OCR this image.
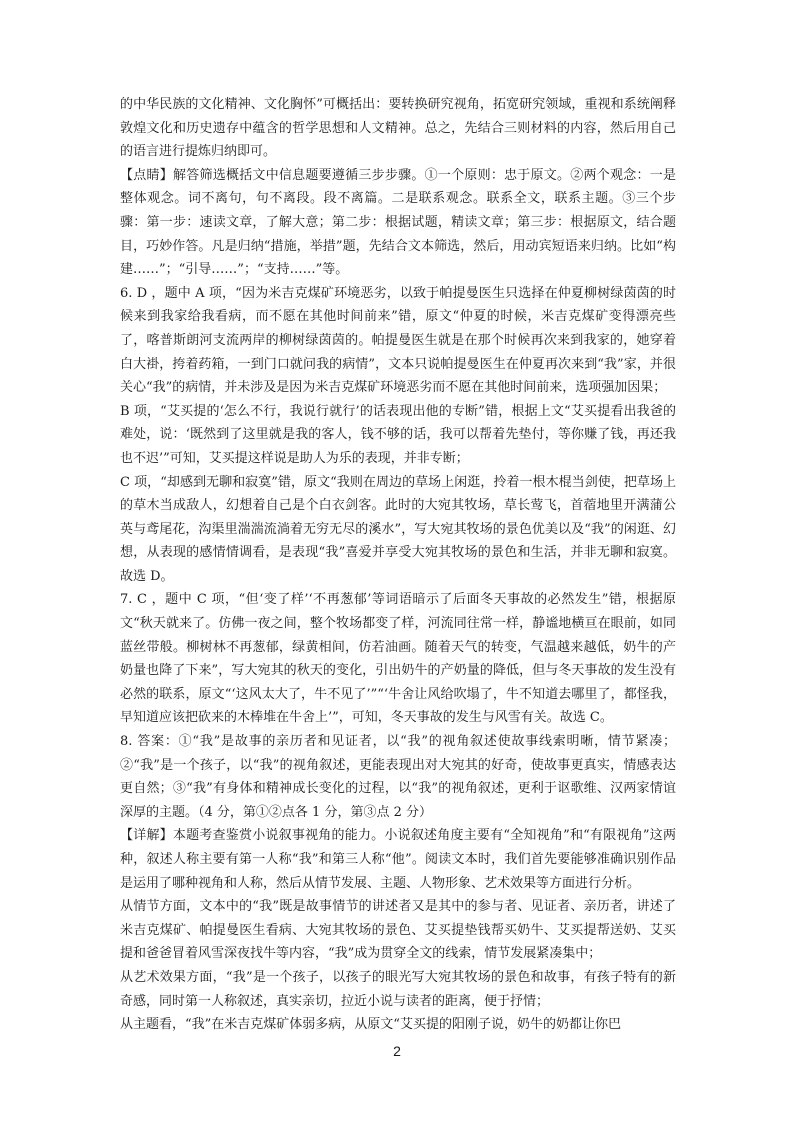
的中华民族的文化精神、文化胸怀”可概括出：要转换研究视角，拓宽研究领域，重视和系统阐释敦煌文化和历史遗存中蕴含的哲学思想和人文精神。总之，先结合三则材料的内容，然后用自己的语言进行提炼归纳即可。

【点睛】解答筛选概括文中信息题要遵循三步步骤。①一个原则：忠于原文。②两个观念：一是整体观念。词不离句，句不离段。段不离篇。二是联系观念。联系全文，联系主题。③三个步骤：第一步：速读文章，了解大意；第二步：根据试题，精读文章；第三步：根据原文，结合题目，巧妙作答。凡是归纳“措施，举措”题，先结合文本筛选，然后，用动宾短语来归纳。比如“构建……”；“引导……”；“支持……”等。

6. D ，题中 A 项，“因为米吉克煤矿环境恶劣，以致于帕提曼医生只选择在仲夏柳树绿茵茵的时候来到我家给我看病，而不愿在其他时间前来”错，原文“仲夏的时候，米吉克煤矿变得漂亮些了，喀普斯朗河支流两岸的柳树绿茵茵的。帕提曼医生就是在那个时候再次来到我家的，她穿着白大褂，挎着药箱，一到门口就问我的病情”，文本只说帕提曼医生在仲夏再次来到“我”家，并很关心“我”的病情，并未涉及是因为米吉克煤矿环境恶劣而不愿在其他时间前来，选项强加因果；

B 项，“艾买提的‘怎么不行，我说行就行’的话表现出他的专断”错，根据上文“艾买提看出我爸的难处，说：‘既然到了这里就是我的客人，钱不够的话，我可以帮着先垫付，等你赚了钱，再还我也不迟’”可知，艾买提这样说是助人为乐的表现，并非专断；

C 项，“却感到无聊和寂寞”错，原文“我则在周边的草场上闲逛，拎着一根木棍当剑使，把草场上的草木当成敌人，幻想着自己是个白衣剑客。此时的大宛其牧场，草长莺飞，首蓿地里开满蒲公英与鸢尾花，沟渠里湍湍流淌着无穷无尽的溪水”，写大宛其牧场的景色优美以及“我”的闲逛、幻想，从表现的感情情调看，是表现“我”喜爱并享受大宛其牧场的景色和生活，并非无聊和寂寞。故选 D。

7. C ，题中 C 项，“但‘变了样’‘不再葱郁’等词语暗示了后面冬天事故的必然发生”错，根据原文“秋天就来了。仿佛一夜之间，整个牧场都变了样，河流同往常一样，静谧地横亘在眼前，如同蓝丝带般。柳树林不再葱郁，绿黄相间，仿若油画。随着天气的转变，气温越来越低，奶牛的产奶量也降了下来”，写大宛其的秋天的变化，引出奶牛的产奶量的降低，但与冬天事故的发生没有必然的联系，原文“‘这风太大了，牛不见了’”“‘牛舍让风给吹塌了，牛不知道去哪里了，都怪我，早知道应该把砍来的木棒堆在牛舍上’”，可知，冬天事故的发生与风雪有关。故选 C。

8. 答案：①“我”是故事的亲历者和见证者，以“我”的视角叙述使故事线索明晰，情节紧凑；②“我”是一个孩子，以“我”的视角叙述，更能表现出对大宛其的好奇，使故事更真实，情感表达更自然；③“我”有身体和精神成长变化的过程，以“我”的视角叙述，更利于讴歌维、汉两家情谊深厚的主题。（4 分，第①②点各 1 分，第③点 2 分）

【详解】本题考查鉴赏小说叙事视角的能力。小说叙述角度主要有“全知视角”和“有限视角”这两种，叙述人称主要有第一人称“我”和第三人称“他”。阅读文本时，我们首先要能够准确识别作品是运用了哪种视角和人称，然后从情节发展、主题、人物形象、艺术效果等方面进行分析。

从情节方面，文本中的“我”既是故事情节的讲述者又是其中的参与者、见证者、亲历者，讲述了米吉克煤矿、帕提曼医生看病、大宛其牧场的景色、艾买提垫钱帮买奶牛、艾买提帮送奶、艾买提和爸爸冒着风雪深夜找牛等内容，“我”成为贯穿全文的线索，情节发展紧凑集中；

从艺术效果方面，“我”是一个孩子，以孩子的眼光写大宛其牧场的景色和故事，有孩子特有的新奇感，同时第一人称叙述，真实亲切，拉近小说与读者的距离，便于抒情；

从主题看，“我”在米吉克煤矿体弱多病，从原文“艾买提的阳刚子说，奶牛的奶都让你巴

2
